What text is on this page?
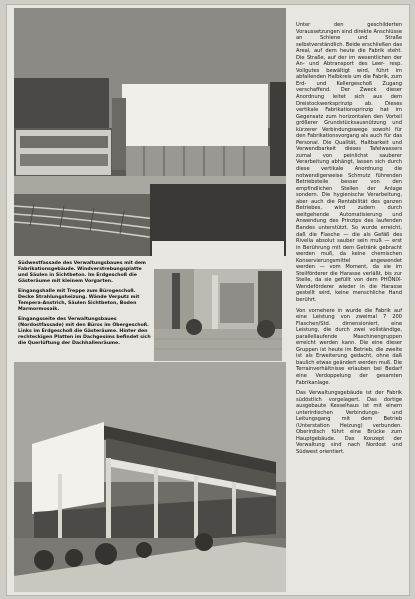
Südwestfassade des Verwaltungsbaues mit dem Fabrikationsgebäude. Windverstrebungsplatte und Säulen in Sichtbeton. Im Erdgeschoß die Gästeräume mit kleinem Vorgarten.

Eingangshalle mit Treppe zum Bürogeschoß. Decke Strahlungsheizung. Wände Verputz mit Tempera-Anstrich, Säulen Sichtbeton, Boden Marmormosaik.

Eingangsseite des Verwaltungsbaues (Nordostfassade) mit den Büros im Obergeschoß. Links im Erdgeschoß die Gästeräume. Hinter den rechteckigen Platten im Dachgesims befindet sich die Querlüftung der Dachhallenräume.

Unter den geschilderten Voraussetzungen sind direkte Anschlüsse an Schiene und Straße selbstverständlich. Beide erschließen das Areal, auf dem heute die Fabrik steht. Die Straße, auf der im wesentlichen der An- und Abtransport des Leer- resp. Vollgutes bewältigt wird, führt im abfallenden Halbkreis um die Fabrik, zum Erd- und Kellergeschoß Zugang verschaffend. Der Zweck dieser Anordnung leitet sich aus dem Dreistockwerksprinzip ab. Dieses vertikale Fabrikationsprinzip hat im Gegensatz zum horizontalen den Vorteil größerer Grundstücksausnützung und kürzerer Verbindungswege sowohl für den Fabrikationsvorgang als auch für das Personal. Die Qualität, Haltbarkeit und Verwendbarkeit dieses Tafelwassers zumal von peinlichst sauberer Verarbeitung abhängt, lassen sich durch diese vertikale Anordnung die notwendigerweise Schmutz führenden Betriebsteile besser von den empfindlichen Stellen der Anlage sondern. Die hygienische Verarbeitung, aber auch die Rentabilität des ganzen Betriebes, wird zudem durch weitgehende Automatisierung und Anwendung des Prinzips des laufenden Bandes unterstützt. So wurde erreicht, daß die Flasche — die als Gefäß des Rivella absolut sauber sein muß — erst in Berührung mit dem Getränk gebracht werden muß, da keine chemischen Konservierungsmittel angewendet werden — vom Moment, da sie im Steilförderer die Harasse verläßt, bis zur Stelle, da sie gefüllt von dem PHÖNIX-Wendeförderer wieder in die Harasse gestellt wird, keine menschliche Hand berührt.

Von vornehere in wurde die Fabrik auf eine Leistung von zweimal 7 200 Flaschen/Std. dimensioniert, eine Leistung, die durch zwei vollständige, parallellaufende Maschinengruppen erreicht werden kann. Die eine dieser Gruppen ist heute im Betrieb, die zweite ist als Erweiterung gedacht, ohne daß baulich etwas geändert werden muß. Die Terrainverhältnisse erlauben bei Bedarf eine Verdoppelung der gesamten Fabrikanlage.

Das Verwaltungsgebäude ist der Fabrik südöstlich vorgelagert. Das dortige ausgebaute Kesselhaus ist mit einem unterirdischen Verbindungs- und Leitungsgang mit dem Betrieb (Unterstation Heizung) verbunden. Oberirdisch führt eine Brücke zum Hauptgebäude. Das Konzept der Verwaltung sind nach Nordost und Südwest orientiert.
